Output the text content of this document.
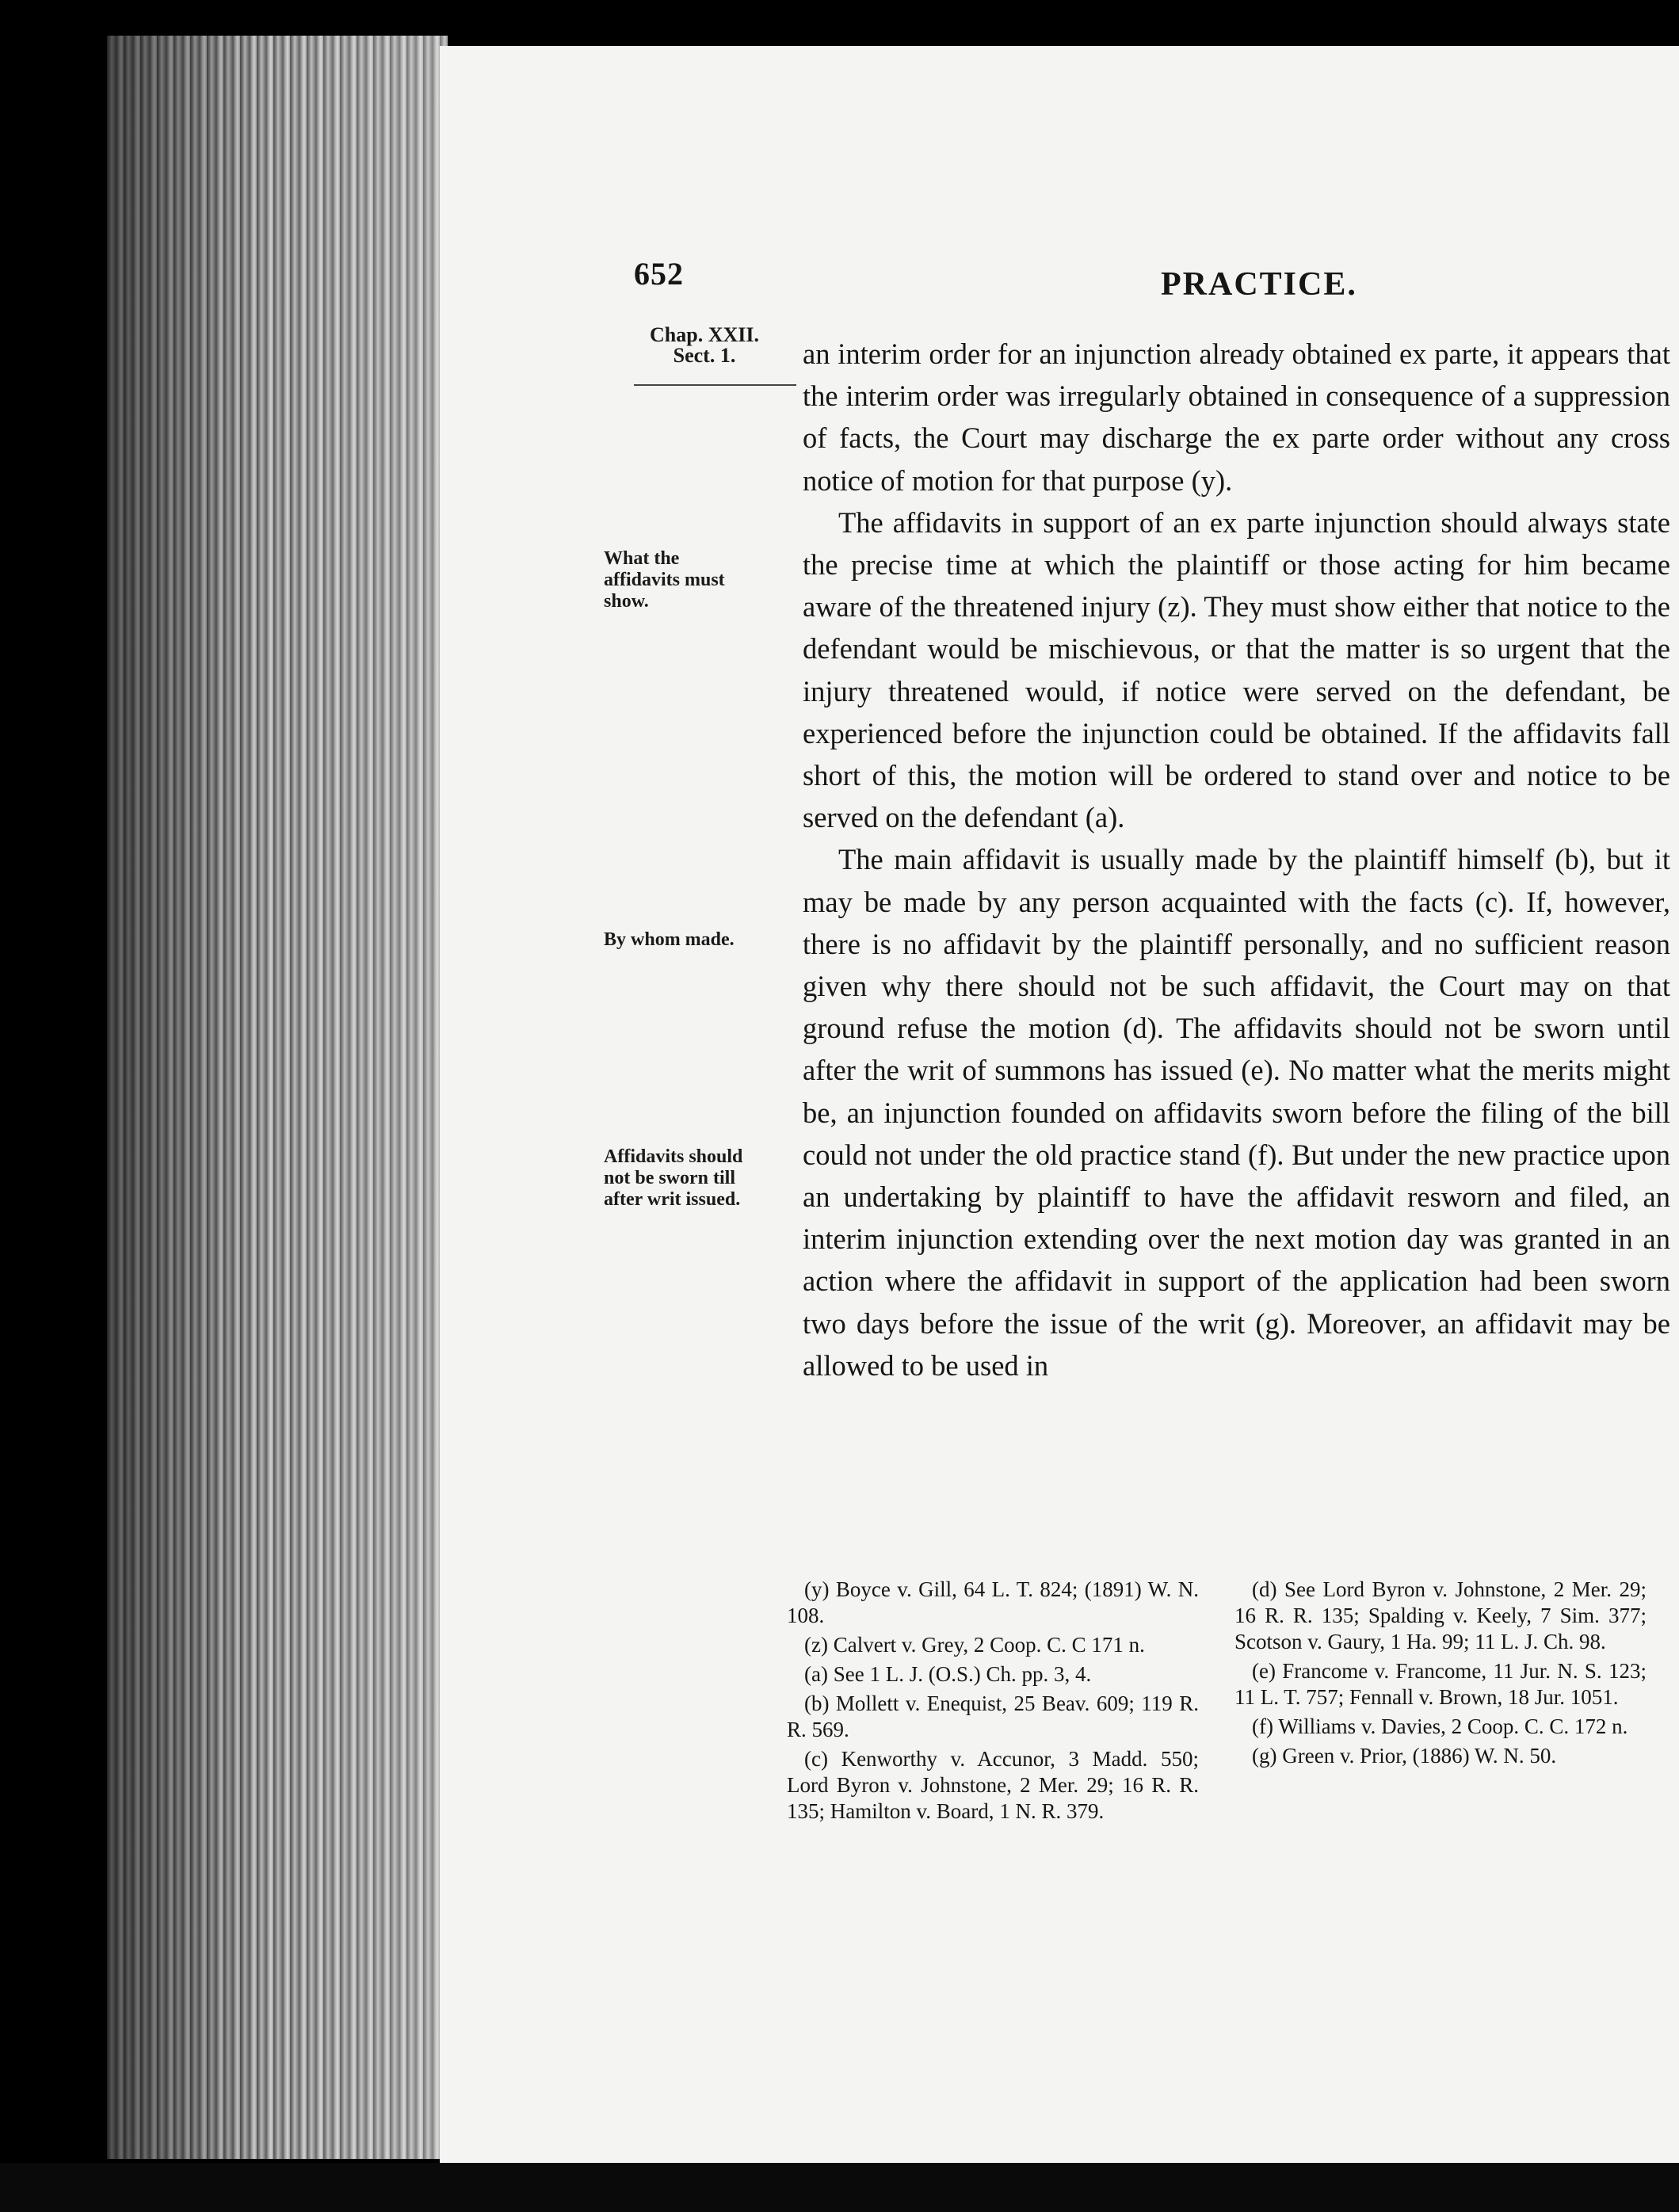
652	PRACTICE.
Chap. XXII.
Sect. 1.
What the affidavits must show.
By whom made.
Affidavits should not be sworn till after writ issued.

an interim order for an injunction already obtained ex parte, it appears that the interim order was irregularly obtained in consequence of a suppression of facts, the Court may discharge the ex parte order without any cross notice of motion for that purpose (y).

The affidavits in support of an ex parte injunction should always state the precise time at which the plaintiff or those acting for him became aware of the threatened injury (z). They must show either that notice to the defendant would be mischievous, or that the matter is so urgent that the injury threatened would, if notice were served on the defendant, be experienced before the injunction could be obtained. If the affidavits fall short of this, the motion will be ordered to stand over and notice to be served on the defendant (a).

The main affidavit is usually made by the plaintiff himself (b), but it may be made by any person acquainted with the facts (c). If, however, there is no affidavit by the plaintiff personally, and no sufficient reason given why there should not be such affidavit, the Court may on that ground refuse the motion (d). The affidavits should not be sworn until after the writ of summons has issued (e). No matter what the merits might be, an injunction founded on affidavits sworn before the filing of the bill could not under the old practice stand (f). But under the new practice upon an undertaking by plaintiff to have the affidavit resworn and filed, an interim injunction extending over the next motion day was granted in an action where the affidavit in support of the application had been sworn two days before the issue of the writ (g). Moreover, an affidavit may be allowed to be used in

(y) Boyce v. Gill, 64 L. T. 824; (1891) W. N. 108.

(z) Calvert v. Grey, 2 Coop. C. C 171 n.

(a) See 1 L. J. (O.S.) Ch. pp. 3, 4.

(b) Mollett v. Enequist, 25 Beav. 609; 119 R. R. 569.

(c) Kenworthy v. Accunor, 3 Madd. 550; Lord Byron v. Johnstone, 2 Mer. 29; 16 R. R. 135; Hamilton v. Board, 1 N. R. 379.

(d) See Lord Byron v. Johnstone, 2 Mer. 29; 16 R. R. 135; Spalding v. Keely, 7 Sim. 377; Scotson v. Gaury, 1 Ha. 99; 11 L. J. Ch. 98.

(e) Francome v. Francome, 11 Jur. N. S. 123; 11 L. T. 757; Fennall v. Brown, 18 Jur. 1051.

(f) Williams v. Davies, 2 Coop. C. C. 172 n.

(g) Green v. Prior, (1886) W. N. 50.
